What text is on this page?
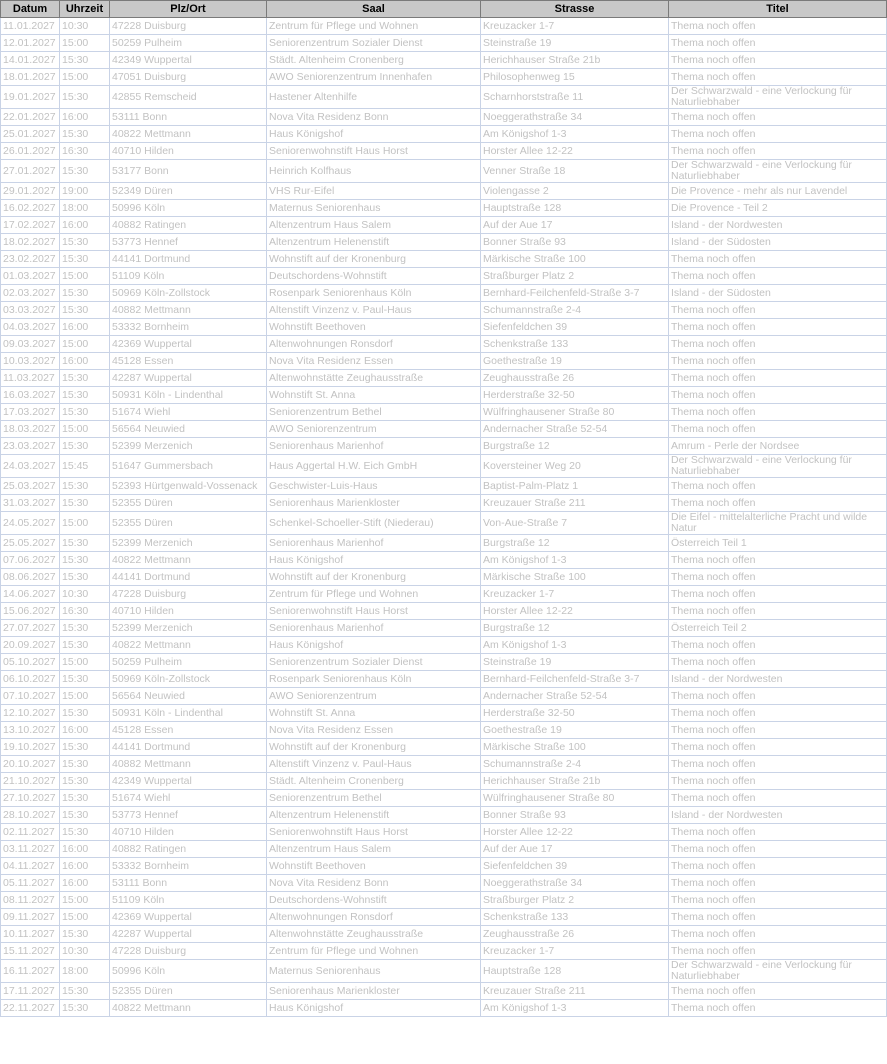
Datum	Uhrzeit	Plz/Ort	Saal	Strasse	Titel
11.01.2027	10:30	47228 Duisburg	Zentrum für Pflege und Wohnen	Kreuzacker 1-7	Thema noch offen
12.01.2027	15:00	50259 Pulheim	Seniorenzentrum Sozialer Dienst	Steinstraße 19	Thema noch offen
14.01.2027	15:30	42349 Wuppertal	Städt. Altenheim Cronenberg	Herichhauser Straße 21b	Thema noch offen
18.01.2027	15:00	47051 Duisburg	AWO Seniorenzentrum Innenhafen	Philosophenweg 15	Thema noch offen
19.01.2027	15:30	42855 Remscheid	Hastener Altenhilfe	Scharnhorststraße 11	Der Schwarzwald - eine Verlockung für Naturliebhaber
22.01.2027	16:00	53111 Bonn	Nova Vita Residenz Bonn	Noeggerathstraße 34	Thema noch offen
25.01.2027	15:30	40822 Mettmann	Haus Königshof	Am Königshof 1-3	Thema noch offen
26.01.2027	16:30	40710 Hilden	Seniorenwohnstift Haus Horst	Horster Allee 12-22	Thema noch offen
27.01.2027	15:30	53177 Bonn	Heinrich Kolfhaus	Venner Straße 18	Der Schwarzwald - eine Verlockung für Naturliebhaber
29.01.2027	19:00	52349 Düren	VHS Rur-Eifel	Violengasse 2	Die Provence - mehr als nur Lavendel
16.02.2027	18:00	50996 Köln	Maternus Seniorenhaus	Hauptstraße 128	Die Provence - Teil 2
17.02.2027	16:00	40882 Ratingen	Altenzentrum Haus Salem	Auf der Aue 17	Island - der Nordwesten
18.02.2027	15:30	53773 Hennef	Altenzentrum Helenenstift	Bonner Straße 93	Island - der Südosten
23.02.2027	15:30	44141 Dortmund	Wohnstift auf der Kronenburg	Märkische Straße 100	Thema noch offen
01.03.2027	15:00	51109 Köln	Deutschordens-Wohnstift	Straßburger Platz 2	Thema noch offen
02.03.2027	15:30	50969 Köln-Zollstock	Rosenpark Seniorenhaus Köln	Bernhard-Feilchenfeld-Straße 3-7	Island - der Südosten
03.03.2027	15:30	40882 Mettmann	Altenstift Vinzenz v. Paul-Haus	Schumannstraße 2-4	Thema noch offen
04.03.2027	16:00	53332 Bornheim	Wohnstift Beethoven	Siefenfeldchen 39	Thema noch offen
09.03.2027	15:00	42369 Wuppertal	Altenwohnungen Ronsdorf	Schenkstraße 133	Thema noch offen
10.03.2027	16:00	45128 Essen	Nova Vita Residenz Essen	Goethestraße 19	Thema noch offen
11.03.2027	15:30	42287 Wuppertal	Altenwohnstätte Zeughausstraße	Zeughausstraße 26	Thema noch offen
16.03.2027	15:30	50931 Köln - Lindenthal	Wohnstift St. Anna	Herderstraße 32-50	Thema noch offen
17.03.2027	15:30	51674 Wiehl	Seniorenzentrum Bethel	Wülfringhausener Straße 80	Thema noch offen
18.03.2027	15:00	56564 Neuwied	AWO Seniorenzentrum	Andernacher Straße 52-54	Thema noch offen
23.03.2027	15:30	52399 Merzenich	Seniorenhaus Marienhof	Burgstraße 12	Amrum - Perle der Nordsee
24.03.2027	15:45	51647 Gummersbach	Haus Aggertal H.W. Eich GmbH	Koversteiner Weg 20	Der Schwarzwald - eine Verlockung für Naturliebhaber
25.03.2027	15:30	52393 Hürtgenwald-Vossenack	Geschwister-Luis-Haus	Baptist-Palm-Platz 1	Thema noch offen
31.03.2027	15:30	52355 Düren	Seniorenhaus Marienkloster	Kreuzauer Straße 211	Thema noch offen
24.05.2027	15:00	52355 Düren	Schenkel-Schoeller-Stift (Niederau)	Von-Aue-Straße 7	Die Eifel - mittelalterliche Pracht und wilde Natur
25.05.2027	15:30	52399 Merzenich	Seniorenhaus Marienhof	Burgstraße 12	Österreich Teil 1
07.06.2027	15:30	40822 Mettmann	Haus Königshof	Am Königshof 1-3	Thema noch offen
08.06.2027	15:30	44141 Dortmund	Wohnstift auf der Kronenburg	Märkische Straße 100	Thema noch offen
14.06.2027	10:30	47228 Duisburg	Zentrum für Pflege und Wohnen	Kreuzacker 1-7	Thema noch offen
15.06.2027	16:30	40710 Hilden	Seniorenwohnstift Haus Horst	Horster Allee 12-22	Thema noch offen
27.07.2027	15:30	52399 Merzenich	Seniorenhaus Marienhof	Burgstraße 12	Österreich Teil 2
20.09.2027	15:30	40822 Mettmann	Haus Königshof	Am Königshof 1-3	Thema noch offen
05.10.2027	15:00	50259 Pulheim	Seniorenzentrum Sozialer Dienst	Steinstraße 19	Thema noch offen
06.10.2027	15:30	50969 Köln-Zollstock	Rosenpark Seniorenhaus Köln	Bernhard-Feilchenfeld-Straße 3-7	Island - der Nordwesten
07.10.2027	15:00	56564 Neuwied	AWO Seniorenzentrum	Andernacher Straße 52-54	Thema noch offen
12.10.2027	15:30	50931 Köln - Lindenthal	Wohnstift St. Anna	Herderstraße 32-50	Thema noch offen
13.10.2027	16:00	45128 Essen	Nova Vita Residenz Essen	Goethestraße 19	Thema noch offen
19.10.2027	15:30	44141 Dortmund	Wohnstift auf der Kronenburg	Märkische Straße 100	Thema noch offen
20.10.2027	15:30	40882 Mettmann	Altenstift Vinzenz v. Paul-Haus	Schumannstraße 2-4	Thema noch offen
21.10.2027	15:30	42349 Wuppertal	Städt. Altenheim Cronenberg	Herichhauser Straße 21b	Thema noch offen
27.10.2027	15:30	51674 Wiehl	Seniorenzentrum Bethel	Wülfringhausener Straße 80	Thema noch offen
28.10.2027	15:30	53773 Hennef	Altenzentrum Helenenstift	Bonner Straße 93	Island - der Nordwesten
02.11.2027	15:30	40710 Hilden	Seniorenwohnstift Haus Horst	Horster Allee 12-22	Thema noch offen
03.11.2027	16:00	40882 Ratingen	Altenzentrum Haus Salem	Auf der Aue 17	Thema noch offen
04.11.2027	16:00	53332 Bornheim	Wohnstift Beethoven	Siefenfeldchen 39	Thema noch offen
05.11.2027	16:00	53111 Bonn	Nova Vita Residenz Bonn	Noeggerathstraße 34	Thema noch offen
08.11.2027	15:00	51109 Köln	Deutschordens-Wohnstift	Straßburger Platz 2	Thema noch offen
09.11.2027	15:00	42369 Wuppertal	Altenwohnungen Ronsdorf	Schenkstraße 133	Thema noch offen
10.11.2027	15:30	42287 Wuppertal	Altenwohnstätte Zeughausstraße	Zeughausstraße 26	Thema noch offen
15.11.2027	10:30	47228 Duisburg	Zentrum für Pflege und Wohnen	Kreuzacker 1-7	Thema noch offen
16.11.2027	18:00	50996 Köln	Maternus Seniorenhaus	Hauptstraße 128	Der Schwarzwald - eine Verlockung für Naturliebhaber
17.11.2027	15:30	52355 Düren	Seniorenhaus Marienkloster	Kreuzauer Straße 211	Thema noch offen
22.11.2027	15:30	40822 Mettmann	Haus Königshof	Am Königshof 1-3	Thema noch offen
